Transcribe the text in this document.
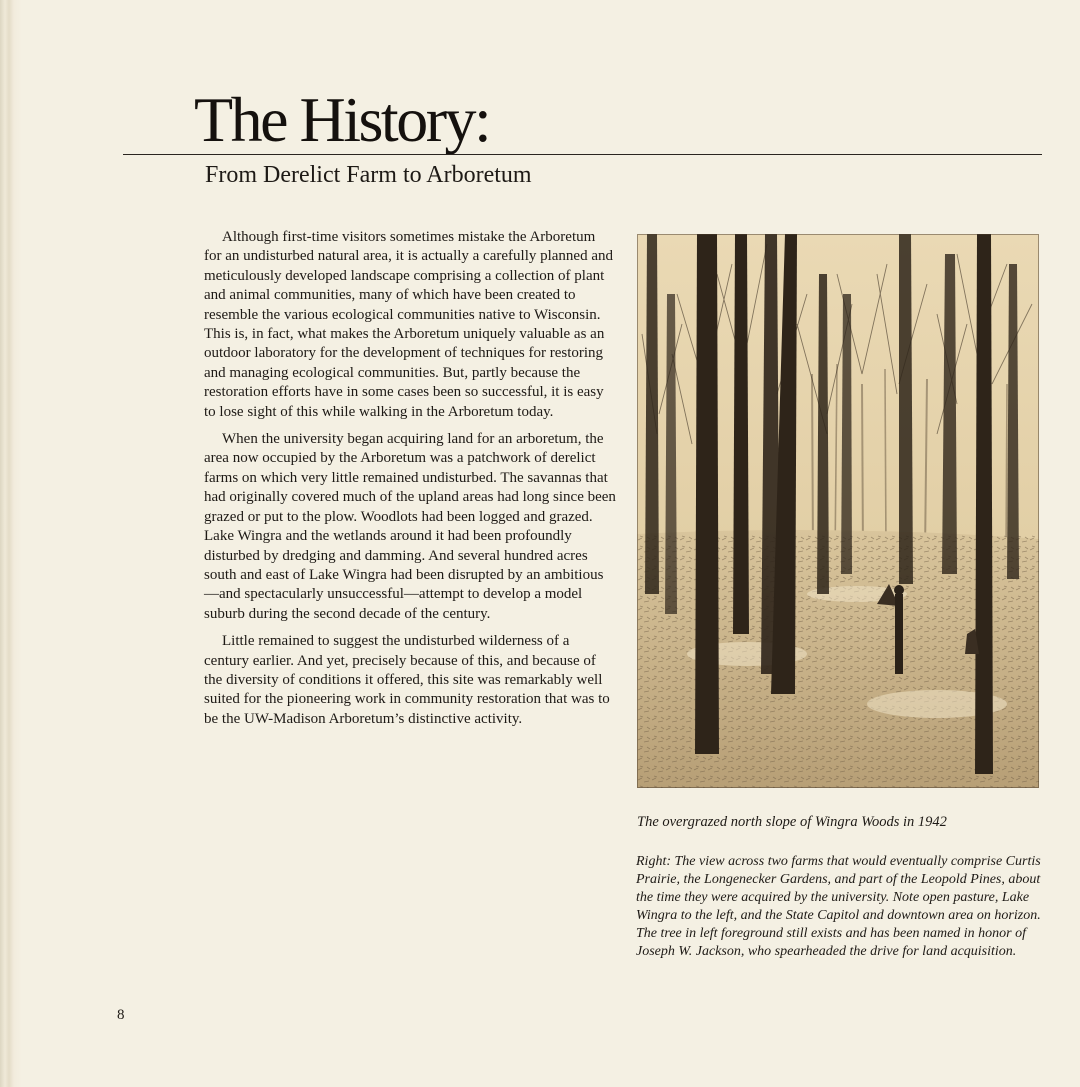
The History:
From Derelict Farm to Arboretum

Although first-time visitors sometimes mistake the Arboretum for an undisturbed natural area, it is actually a carefully planned and meticulously developed landscape comprising a collection of plant and animal communities, many of which have been created to resemble the various ecological communities native to Wisconsin. This is, in fact, what makes the Arboretum uniquely valuable as an outdoor laboratory for the development of techniques for restoring and managing ecological communities. But, partly because the restoration efforts have in some cases been so successful, it is easy to lose sight of this while walking in the Arboretum today.

When the university began acquiring land for an arboretum, the area now occupied by the Arboretum was a patchwork of derelict farms on which very little remained undisturbed. The savannas that had originally covered much of the upland areas had long since been grazed or put to the plow. Woodlots had been logged and grazed. Lake Wingra and the wetlands around it had been profoundly disturbed by dredging and damming. And several hundred acres south and east of Lake Wingra had been disrupted by an ambitious —and spectacularly unsuccessful—attempt to develop a model suburb during the second decade of the century.

Little remained to suggest the undisturbed wilderness of a century earlier. And yet, precisely because of this, and because of the diversity of conditions it offered, this site was remarkably well suited for the pioneering work in community restoration that was to be the UW-Madison Arboretum’s distinctive activity.

The overgrazed north slope of Wingra Woods in 1942

Right: The view across two farms that would eventually comprise Curtis Prairie, the Longenecker Gardens, and part of the Leopold Pines, about the time they were acquired by the university. Note open pasture, Lake Wingra to the left, and the State Capitol and downtown area on horizon. The tree in left foreground still exists and has been named in honor of Joseph W. Jackson, who spearheaded the drive for land acquisition.

8
